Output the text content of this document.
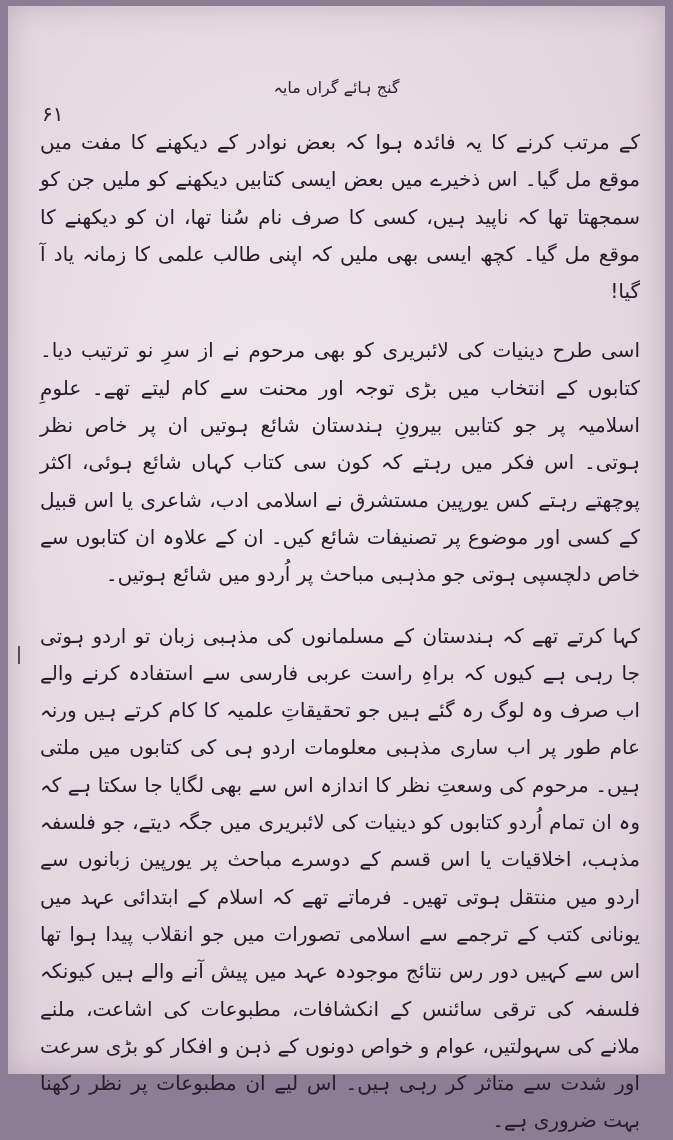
گنج ہائے گراں مایہ
۶۱

کے مرتب کرنے کا یہ فائدہ ہوا کہ بعض نوادر کے دیکھنے کا مفت میں موقع مل گیا۔ اس ذخیرے میں بعض ایسی کتابیں دیکھنے کو ملیں جن کو سمجھتا تھا کہ ناپید ہیں، کسی کا صرف نام سُنا تھا، ان کو دیکھنے کا موقع مل گیا۔ کچھ ایسی بھی ملیں کہ اپنی طالب علمی کا زمانہ یاد آ گیا!

اسی طرح دینیات کی لائبریری کو بھی مرحوم نے از سرِ نو ترتیب دیا۔ کتابوں کے انتخاب میں بڑی توجہ اور محنت سے کام لیتے تھے۔ علومِ اسلامیہ پر جو کتابیں بیرونِ ہندستان شائع ہوتیں ان پر خاص نظر ہوتی۔ اس فکر میں رہتے کہ کون سی کتاب کہاں شائع ہوئی، اکثر پوچھتے رہتے کس یورپین مستشرق نے اسلامی ادب، شاعری یا اس قبیل کے کسی اور موضوع پر تصنیفات شائع کیں۔ ان کے علاوہ ان کتابوں سے خاص دلچسپی ہوتی جو مذہبی مباحث پر اُردو میں شائع ہوتیں۔

کہا کرتے تھے کہ ہندستان کے مسلمانوں کی مذہبی زبان تو اردو ہوتی جا رہی ہے کیوں کہ براہِ راست عربی فارسی سے استفادہ کرنے والے اب صرف وہ لوگ رہ گئے ہیں جو تحقیقاتِ علمیہ کا کام کرتے ہیں ورنہ عام طور پر اب ساری مذہبی معلومات اردو ہی کی کتابوں میں ملتی ہیں۔ مرحوم کی وسعتِ نظر کا اندازہ اس سے بھی لگایا جا سکتا ہے کہ وہ ان تمام اُردو کتابوں کو دینیات کی لائبریری میں جگہ دیتے، جو فلسفہ مذہب، اخلاقیات یا اس قسم کے دوسرے مباحث پر یورپین زبانوں سے اردو میں منتقل ہوتی تھیں۔ فرماتے تھے کہ اسلام کے ابتدائی عہد میں یونانی کتب کے ترجمے سے اسلامی تصورات میں جو انقلاب پیدا ہوا تھا اس سے کہیں دور رس نتائج موجودہ عہد میں پیش آنے والے ہیں کیونکہ فلسفہ کی ترقی سائنس کے انکشافات، مطبوعات کی اشاعت، ملنے ملانے کی سہولتیں، عوام و خواص دونوں کے ذہن و افکار کو بڑی سرعت اور شدت سے متاثر کر رہی ہیں۔ اس لیے ان مطبوعات پر نظر رکھنا بہت ضروری ہے۔
